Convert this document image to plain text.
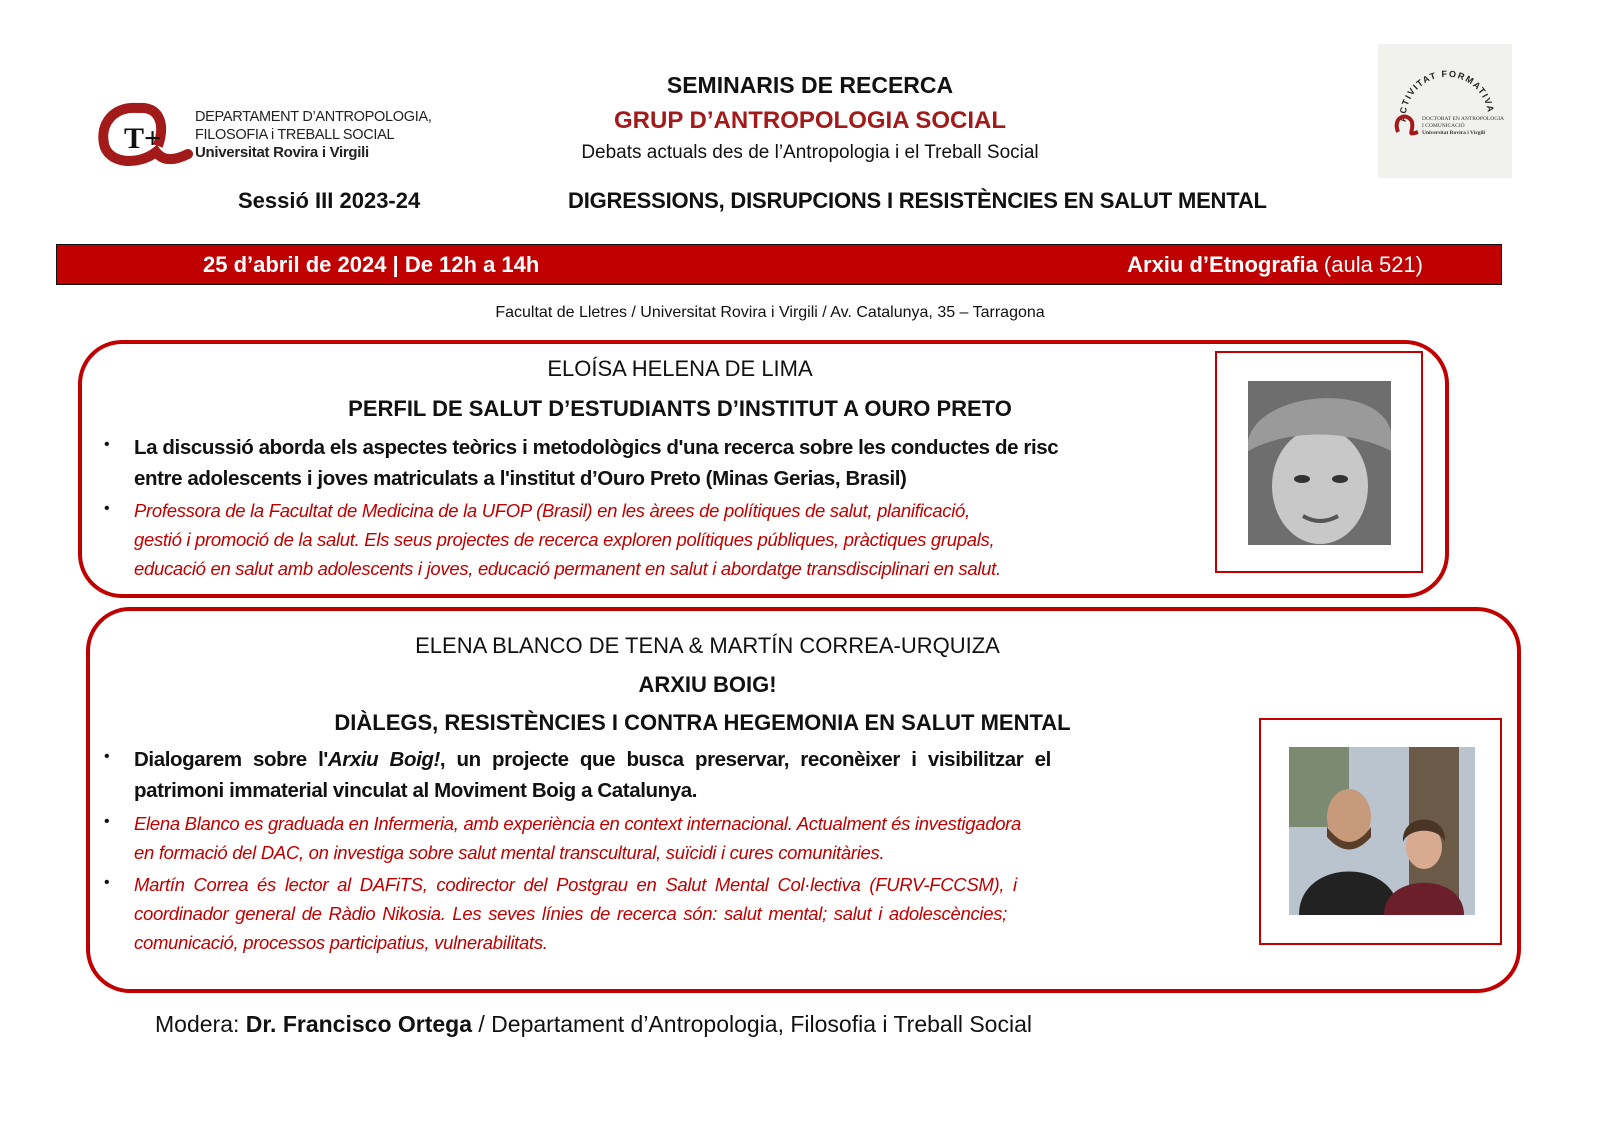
T+
DEPARTAMENT D’ANTROPOLOGIA,
FILOSOFIA i TREBALL SOCIAL
Universitat Rovira i Virgili
ACTIVITAT FORMATIVA
DOCTORAT EN ANTROPOLOGIA
I COMUNICACIÓ
Universitat Rovira i Virgili
SEMINARIS DE RECERCA
GRUP D’ANTROPOLOGIA SOCIAL
Debats actuals des de l’Antropologia i el Treball Social
Sessió III 2023-24	DIGRESSIONS, DISRUPCIONS I RESISTÈNCIES EN SALUT MENTAL
25 d’abril de 2024 | De 12h a 14h	Arxiu d’Etnografia (aula 521)
Facultat de Lletres / Universitat Rovira i Virgili / Av. Catalunya, 35 – Tarragona
ELOÍSA HELENA DE LIMA
PERFIL DE SALUT D’ESTUDIANTS D’INSTITUT A OURO PRETO
• La discussió aborda els aspectes teòrics i metodològics d'una recerca sobre les conductes de risc
entre adolescents i joves matriculats a l'institut d’Ouro Preto (Minas Gerias, Brasil)
• Professora de la Facultat de Medicina de la UFOP (Brasil) en les àrees de polítiques de salut, planificació,
gestió i promoció de la salut. Els seus projectes de recerca exploren polítiques públiques, pràctiques grupals,
educació en salut amb adolescents i joves, educació permanent en salut i abordatge transdisciplinari en salut.
ELENA BLANCO DE TENA & MARTÍN CORREA-URQUIZA
ARXIU BOIG!
DIÀLEGS, RESISTÈNCIES I CONTRA HEGEMONIA EN SALUT MENTAL
• Dialogarem sobre l'Arxiu Boig!, un projecte que busca preservar, reconèixer i visibilitzar el
patrimoni immaterial vinculat al Moviment Boig a Catalunya.
• Elena Blanco es graduada en Infermeria, amb experiència en context internacional. Actualment és investigadora
en formació del DAC, on investiga sobre salut mental transcultural, suïcidi i cures comunitàries.
• Martín Correa és lector al DAFiTS, codirector del Postgrau en Salut Mental Col·lectiva (FURV-FCCSM), i
coordinador general de Ràdio Nikosia. Les seves línies de recerca són: salut mental; salut i adolescències;
comunicació, processos participatius, vulnerabilitats.
Modera: Dr. Francisco Ortega / Departament d’Antropologia, Filosofia i Treball Social
